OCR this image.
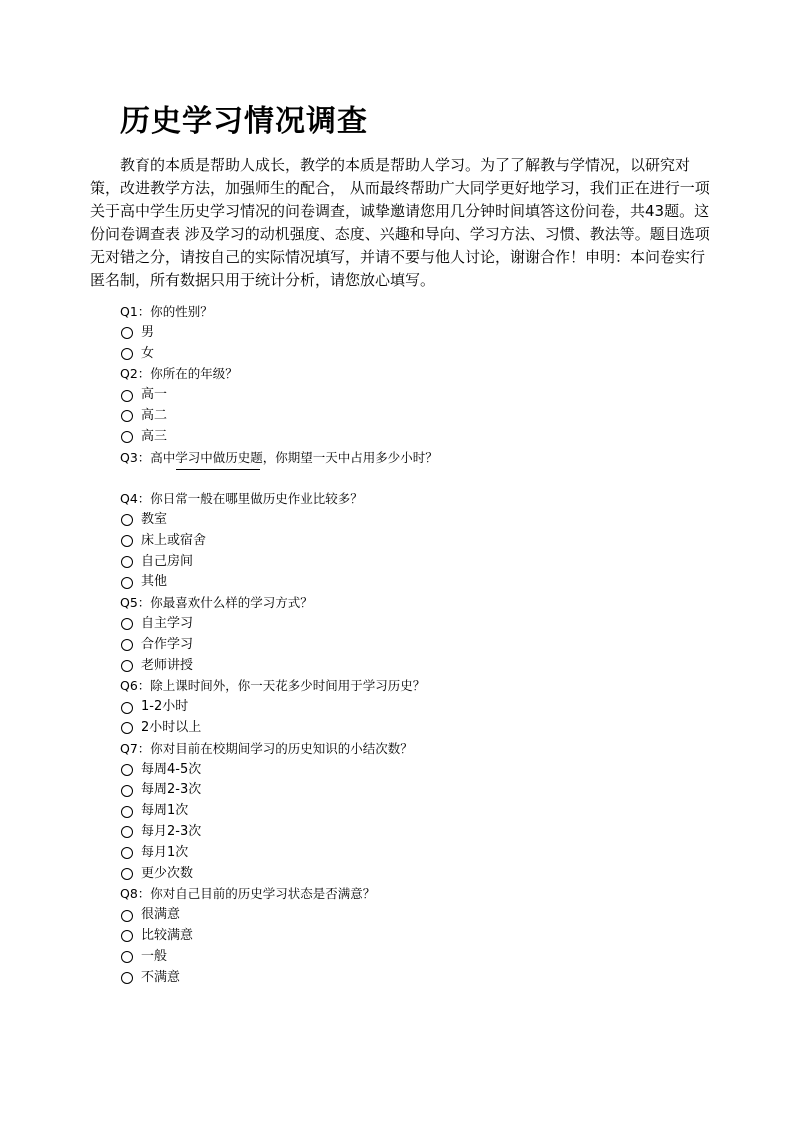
历史学习情况调查
教育的本质是帮助人成长，教学的本质是帮助人学习。为了了解教与学情况，以研究对策，改进教学方法，加强师生的配合， 从而最终帮助广大同学更好地学习，我们正在进行一项关于高中学生历史学习情况的问卷调查，诚挚邀请您用几分钟时间填答这份问卷，共43题。这份问卷调查表 涉及学习的动机强度、态度、兴趣和导向、学习方法、习惯、教法等。题目选项无对错之分，请按自己的实际情况填写，并请不要与他人讨论，谢谢合作！申明：本问卷实行匿名制，所有数据只用于统计分析，请您放心填写。
Q1：你的性别？
男
女
Q2：你所在的年级？
高一
高二
高三
Q3：高中学习中做历史题，你期望一天中占用多少小时？
Q4：你日常一般在哪里做历史作业比较多？
教室
床上或宿舍
自己房间
其他
Q5：你最喜欢什么样的学习方式？
自主学习
合作学习
老师讲授
Q6：除上课时间外，你一天花多少时间用于学习历史？
1-2小时
2小时以上
Q7：你对目前在校期间学习的历史知识的小结次数？
每周4-5次
每周2-3次
每周1次
每月2-3次
每月1次
更少次数
Q8：你对自己目前的历史学习状态是否满意？
很满意
比较满意
一般
不满意
